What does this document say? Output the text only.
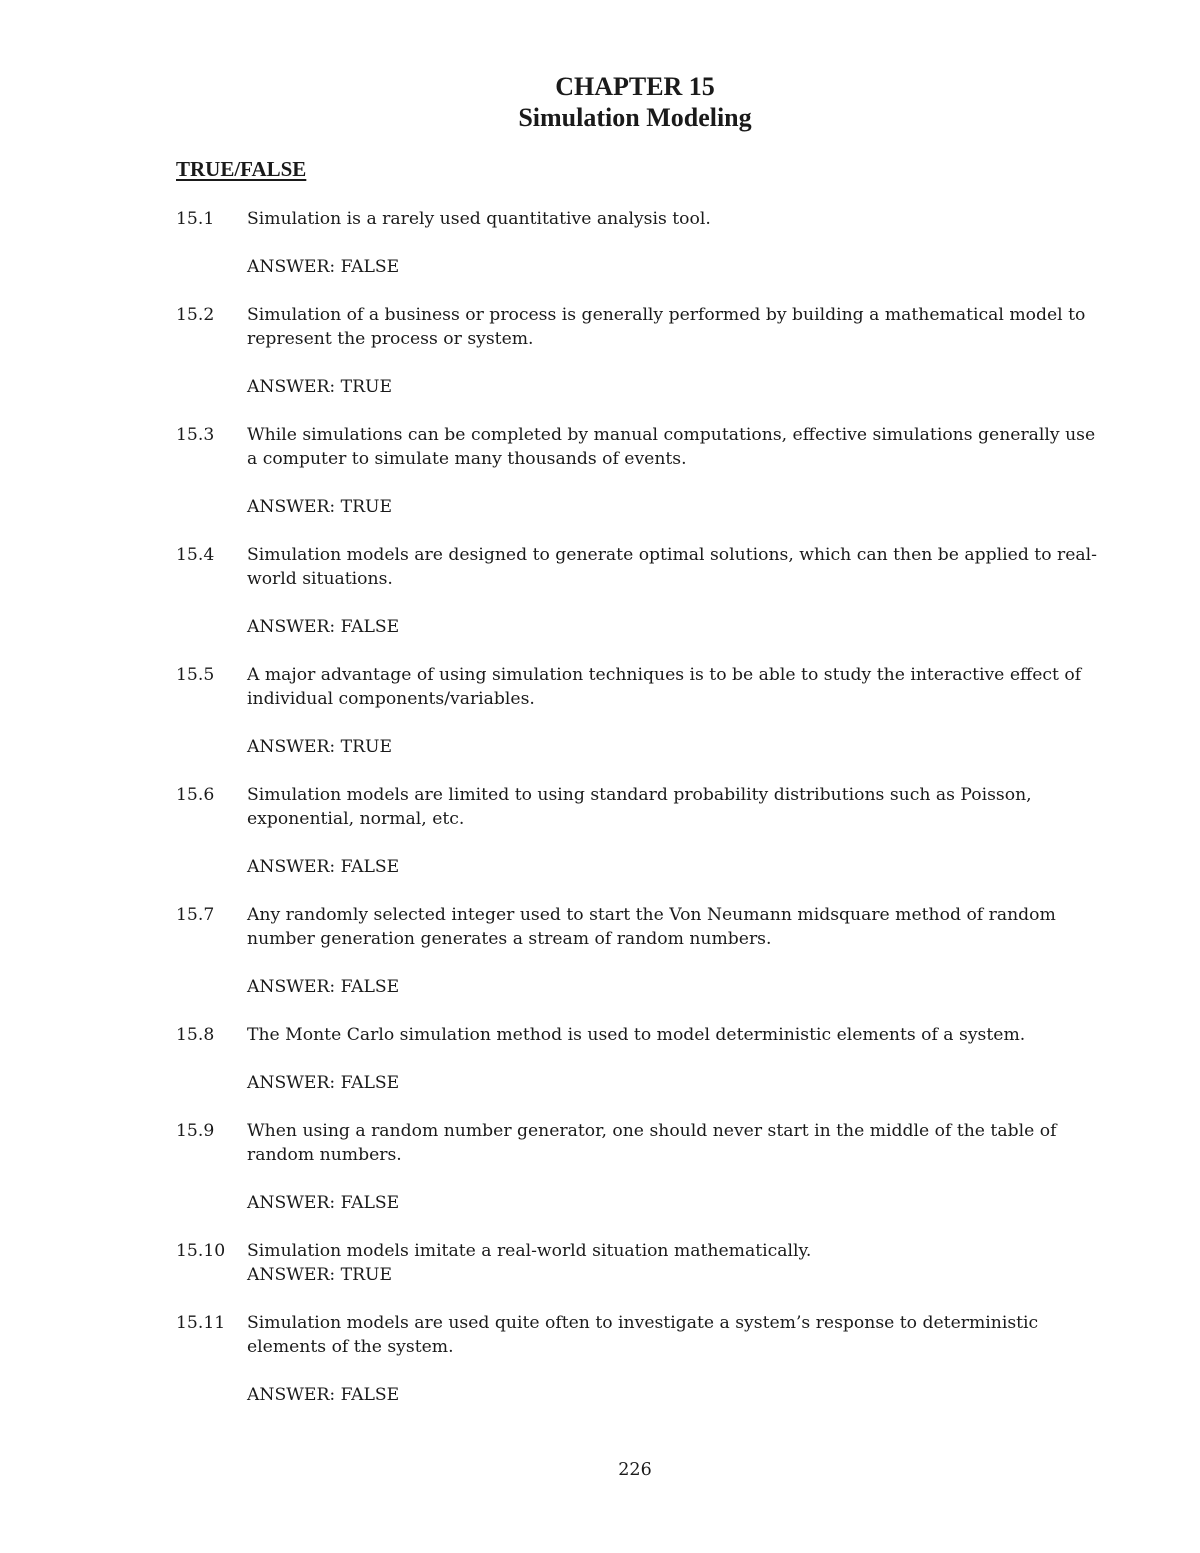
CHAPTER 15
Simulation Modeling
TRUE/FALSE
15.1 Simulation is a rarely used quantitative analysis tool.
ANSWER: FALSE
15.2 Simulation of a business or process is generally performed by building a mathematical model to represent the process or system.
ANSWER: TRUE
15.3 While simulations can be completed by manual computations, effective simulations generally use a computer to simulate many thousands of events.
ANSWER: TRUE
15.4 Simulation models are designed to generate optimal solutions, which can then be applied to real-world situations.
ANSWER: FALSE
15.5 A major advantage of using simulation techniques is to be able to study the interactive effect of individual components/variables.
ANSWER: TRUE
15.6 Simulation models are limited to using standard probability distributions such as Poisson, exponential, normal, etc.
ANSWER: FALSE
15.7 Any randomly selected integer used to start the Von Neumann midsquare method of random number generation generates a stream of random numbers.
ANSWER: FALSE
15.8 The Monte Carlo simulation method is used to model deterministic elements of a system.
ANSWER: FALSE
15.9 When using a random number generator, one should never start in the middle of the table of random numbers.
ANSWER: FALSE
15.10 Simulation models imitate a real-world situation mathematically.
ANSWER: TRUE
15.11 Simulation models are used quite often to investigate a system’s response to deterministic elements of the system.
ANSWER: FALSE
226
